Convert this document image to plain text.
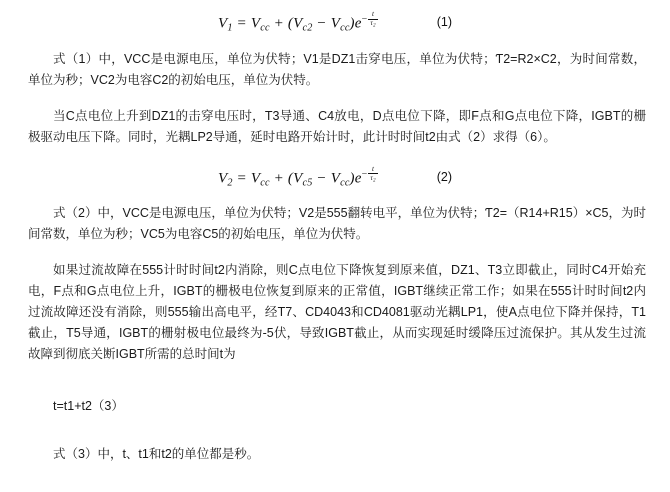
$V1 = V_{cc} + (V_{c2} - V_{cc})e^{- \frac{t}{\tau_2}}$	(1)

式（1）中，VCC是电源电压，单位为伏特；V1是DZ1击穿电压，单位为伏特；Ƭ2=R2×C2，为时间常数，单位为秒；VC2为电容C2的初始电压，单位为伏特。

当C点电位上升到DZ1的击穿电压时，T3导通、C4放电，D点电位下降，即F点和G点电位下降，IGBT的栅极驱动电压下降。同时，光耦LP2导通，延时电路开始计时，此计时时间t2由式（2）求得（6）。

$V2 = V_{cc} + (V_{c5} - V_{cc})e^{- \frac{t}{\tau_2}}$	(2)

式（2）中，VCC是电源电压，单位为伏特；V2是555翻转电平，单位为伏特；Ƭ2=（R14+R15）×C5，为时间常数，单位为秒；VC5为电容C5的初始电压，单位为伏特。

如果过流故障在555计时时间t2内消除，则C点电位下降恢复到原来值，DZ1、T3立即截止，同时C4开始充电，F点和G点电位上升，IGBT的栅极电位恢复到原来的正常值，IGBT继续正常工作；如果在555计时时间t2内过流故障还没有消除，则555输出高电平，经T7、CD4043和CD4081驱动光耦LP1，使A点电位下降并保持，T1截止，T5导通，IGBT的栅射极电位最终为-5伏，导致IGBT截止，从而实现延时缓降压过流保护。其从发生过流故障到彻底关断IGBT所需的总时间t为

t=t1+t2（3）

式（3）中，t、t1和t2的单位都是秒。
